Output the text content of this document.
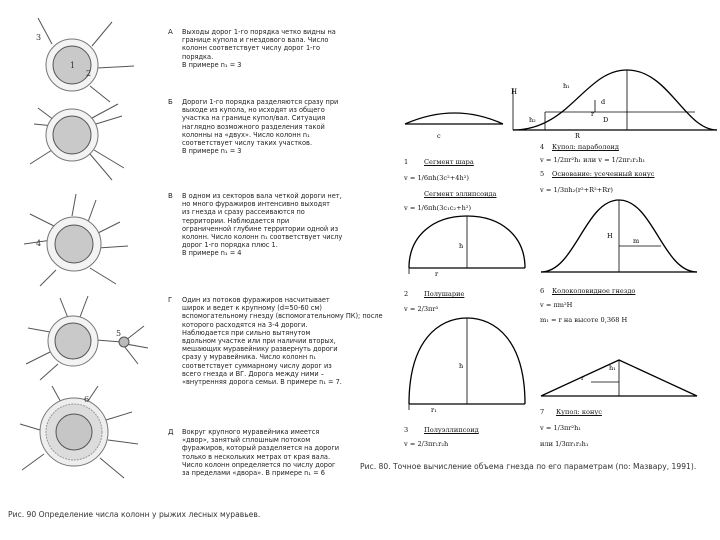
3
1
2
4
5
6
А Выходы дорог 1-го порядка четко видны на
границе купола и гнездового вала. Число
колонн соответствует числу дорог 1-го
порядка.
В примере n₁ = 3
Б Дороги 1-го порядка разделяются сразу при
выходе из купола, но исходят из общего
участка на границе купол/вал. Ситуация
наглядно возможного разделения такой
колонны на «двух». Число колонн n₁
соответствует числу таких участков.
В примере n₁ = 3
В В одном из секторов вала четкой дороги нет,
но много фуражиров интенсивно выходят
из гнезда и сразу рассеиваются по
территории. Наблюдается при
ограниченной глубине территории одной из
колонн. Число колонн n₁ соответствует числу
дорог 1-го порядка плюс 1.
В примере n₁ = 4
Г Один из потоков фуражиров насчитывает
широк и ведет к крупному (d=50-60 см)
вспомогательному гнезду (вспомогательному ПК); после
которого расходятся на 3-4 дороги.
Наблюдается при сильно вытянутом
вдольном участке или при наличии вторых,
мешающих муравейнику развернуть дороги
сразу у муравейника. Число колонн n₁
соответствует суммарному числу дорог из
всего гнезда и ВГ. Дорога между ними –
«внутренняя дорога семьи. В примере n₁ = 7.
Д Вокруг крупного муравейника имеется
«двор», занятый сплошным потоком
фуражиров, который разделяется на дороги
только в нескольких метрах от края вала.
Число колонн определяется по числу дорог
за пределами «двора». В примере n₁ = 6
Рис. 90 Определение числа колонн у рыжих лесных муравьев.
H
h₁
h₂
d
r
D
R
c
h
r
h
r₁
H
m
h₁
r
1 Сегмент шара
v = 1/6πh(3c²+4h²)
Сегмент эллипсоида
v = 1/6πh(3c₁c₂+h²)
2 Полушарие
v = 2/3πr³
3 Полуэллипсоид
v = 2/3πr₁r₂h
4 Купол: параболоид
v = 1/2πr²h₁ или v = 1/2πr₁r₂h₁
5 Основание: усеченный конус
v = 1/3πh₂(r²+R²+Rr)
6 Колоколовидное гнездо
v = πm²H
m₁ = r на высоте 0,368 H
7 Купол: конус
v = 1/3πr²h₁
или 1/3πr₁r₂h₁
Рис. 80. Точное вычисление объема гнезда по его параметрам (по: Мазвару, 1991).
